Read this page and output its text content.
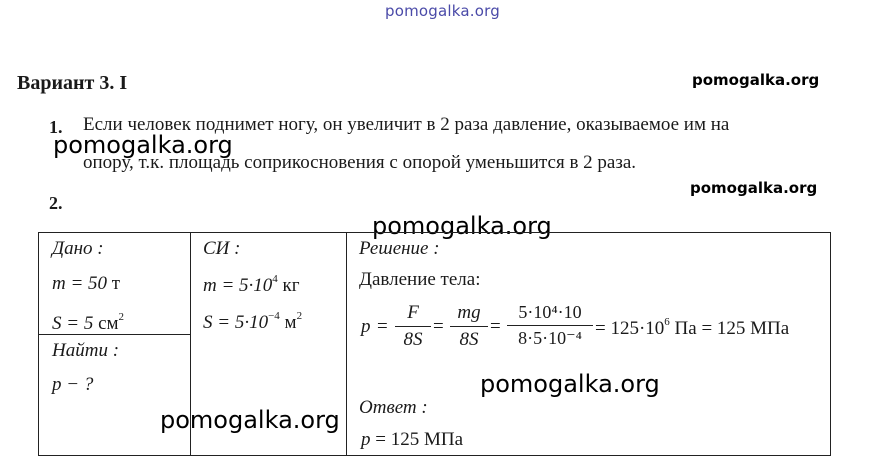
pomogalka.org
pomogalka.org
pomogalka.org
pomogalka.org
pomogalka.org
Вариант 3. I
1. Если человек поднимет ногу, он увеличит в 2 раза давление, оказываемое им на
опору, т.к. площадь соприкосновения с опорой уменьшится в 2 раза.
2.
Дано :
m = 50 т
S = 5 $см^2$
Найти :
p − ?
СИ :
$m = 5\cdot 10^4$ кг
$S = 5\cdot 10^{-4}$ $м^2$
Решение :
Давление тела:
p =
F
8S
=
mg
8S
=
5·10⁴·10
$8\cdot 5\cdot 10^{-4} = 125\cdot 10^6$ Па = 125 МПа
Ответ :
p = 125 МПа
pomogalka.org
pomogalka.org
